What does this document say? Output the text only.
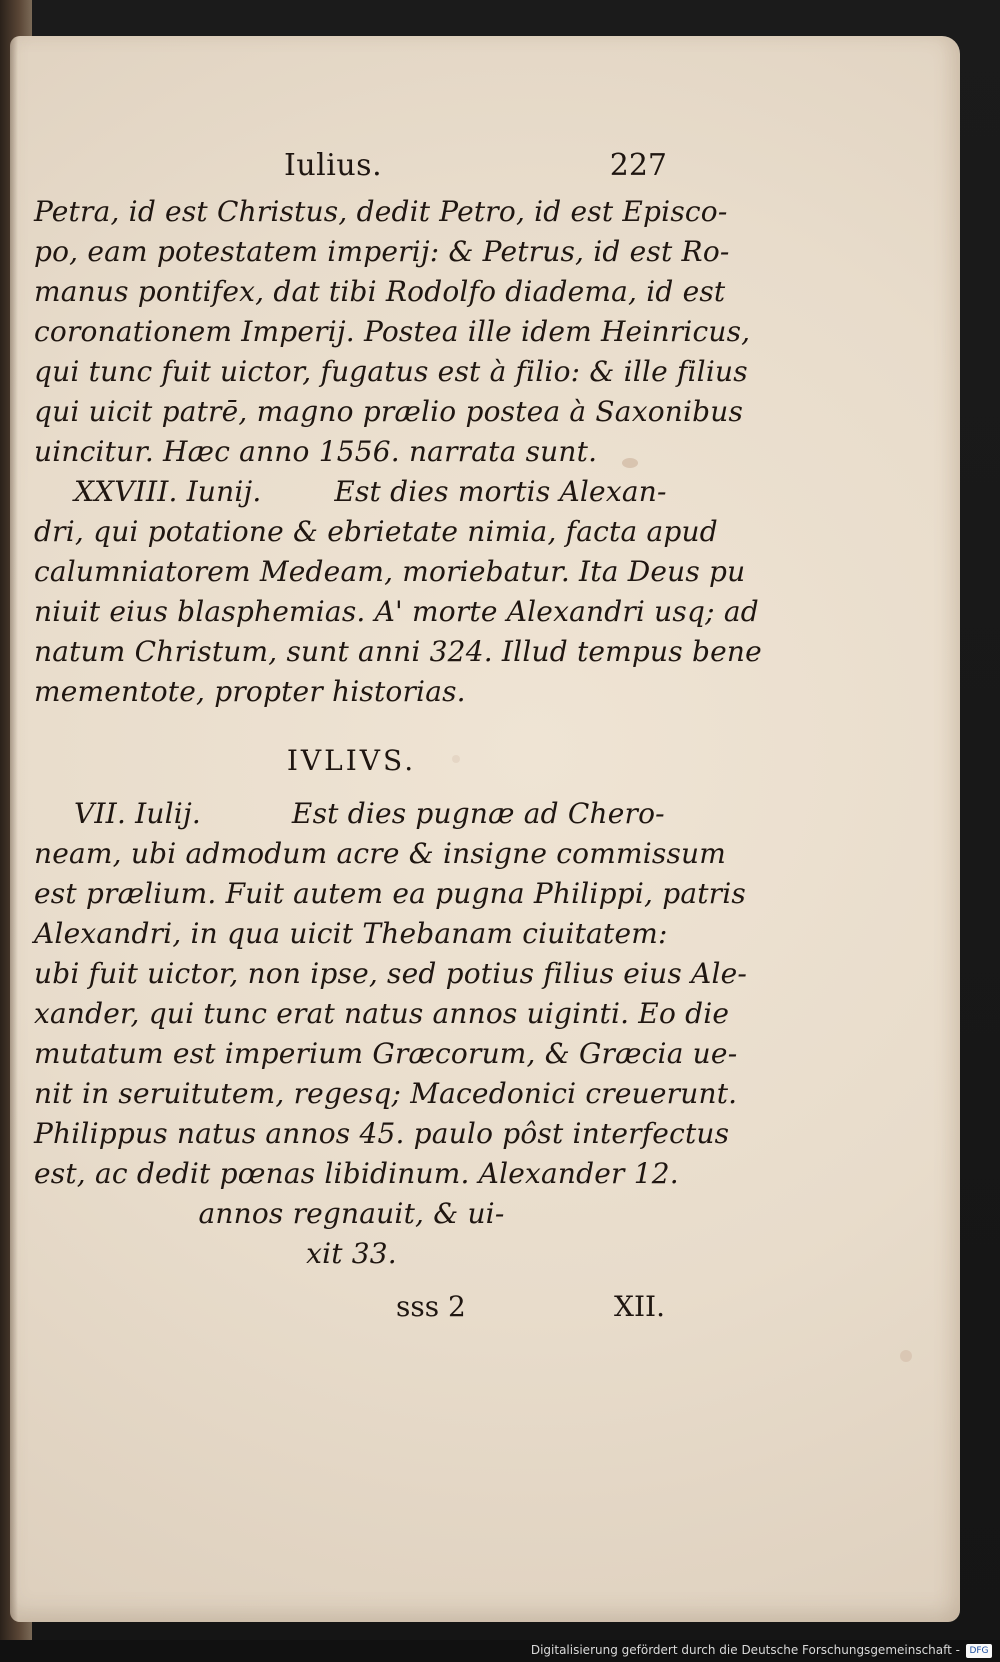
Iulius.	227
Petra, id est Christus, dedit Petro, id est Episco-
po, eam potestatem imperij: & Petrus, id est Ro-
manus pontifex, dat tibi Rodolfo diadema, id est
coronationem Imperij. Postea ille idem Heinricus,
qui tunc fuit uictor, fugatus est à filio: & ille filius
qui uicit patrē, magno prælio postea à Saxonibus
uincitur. Hæc anno 1556. narrata sunt.
XXVIII. Iunij.        Est dies mortis Alexan-
dri, qui potatione & ebrietate nimia, facta apud
calumniatorem Medeam, moriebatur. Ita Deus pu
niuit eius blasphemias. A' morte Alexandri usq; ad
natum Christum, sunt anni 324. Illud tempus bene
mementote, propter historias.
IVLIVS.
VII. Iulij.          Est dies pugnæ ad Chero-
neam, ubi admodum acre & insigne commissum
est prælium. Fuit autem ea pugna Philippi, patris
Alexandri, in qua uicit Thebanam ciuitatem:
ubi fuit uictor, non ipse, sed potius filius eius Ale-
xander, qui tunc erat natus annos uiginti. Eo die
mutatum est imperium Græcorum, & Græcia ue-
nit in seruitutem, regesq; Macedonici creuerunt.
Philippus natus annos 45. paulo pôst interfectus
est, ac dedit pœnas libidinum. Alexander 12.
annos regnauit, & ui-
xit 33.
sss 2	XII.
Digitalisierung gefördert durch die Deutsche Forschungsgemeinschaft -	DFG
